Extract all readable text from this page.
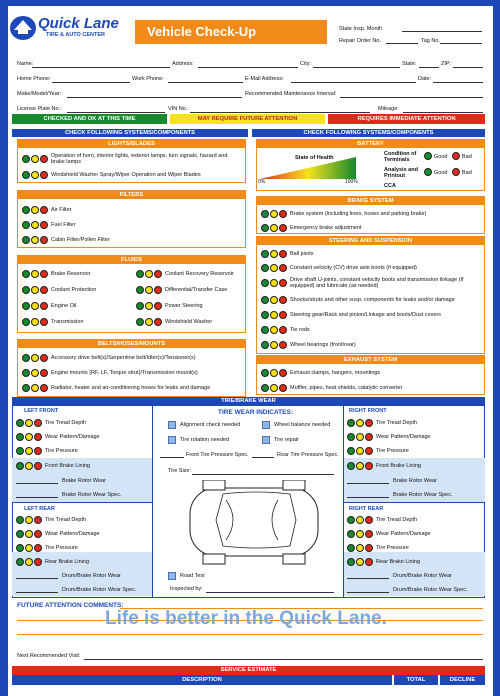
Quick Lane
TIRE & AUTO CENTER	Vehicle Check-Up	State Insp. Month
Repair Order No.	Tag No.
Name:	Address:	City:	State:	ZIP:
Home Phone:	Work Phone:	E-Mail Address:	Date:
Make/Model/Year:	Recommended Maintenance Interval:
License Plate No.:	VIN No.:	Mileage:
CHECKED AND OK AT THIS TIME	MAY REQUIRE FUTURE ATTENTION	REQUIRES IMMEDIATE ATTENTION
CHECK FOLLOWING SYSTEMS/COMPONENTS	CHECK FOLLOWING SYSTEMS/COMPONENTS
LIGHTS/BLADES
Operation of horn, interior lights, exterior lamps, turn signals, hazard and brake lamps
Windshield Washer Spray/Wiper Operation and Wiper Blades
FILTERS
Air Filter
Fuel Filter
Cabin Filter/Pollen Filter
FLUIDS
Brake Reservoir
Coolant Protection
Engine Oil
Transmission
Coolant Recovery Reservoir
Differential/Transfer Case
Power Steering
Windshield Washer
BELTS/HOSES/MOUNTS
Accessory drive belt(s)/Serpentine belt/Idler(s)/Tensioner(s)
Engine mounts (RF, LF, Torque strut)/Transmission mount(s)
Radiator, heater and air-conditioning hoses for leaks and damage
BATTERY
State of Health
0%	100%
Condition of Terminals	Good	Bad
Analysis and Printout	Good	Bad
CCA
BRAKE SYSTEM
Brake system (including lines, hoses and parking brake)
Emergency brake adjustment
STEERING AND SUSPENSION
Ball joints
Constant velocity (CV) drive axle boots (if equipped)
Drive shaft U-joints, constant velocity boots and transmission linkage (if equipped) and lubricate (as needed)
Shocks/struts and other susp. components for leaks and/or damage
Steering gear/Rack and pinion/Linkage and boots/Dust covers
Tie rods
Wheel bearings (front/rear)
EXHAUST SYSTEM
Exhaust clamps, hangers, mountings
Muffler, pipes, heat shields, catalytic converter
TIRE/BRAKE WEAR
LEFT FRONT
Tire Tread Depth
Wear Pattern/Damage
Tire Pressure
Front Brake Lining
Brake Rotor Wear
Brake Rotor Wear Spec.
LEFT REAR
Tire Tread Depth
Wear Pattern/Damage
Tire Pressure
Rear Brake Lining
Drum/Brake Rotor Wear
Drum/Brake Rotor Wear Spec.
RIGHT FRONT
Tire Tread Depth
Wear Pattern/Damage
Tire Pressure
Front Brake Lining
Brake Rotor Wear
Brake Rotor Wear Spec.
RIGHT REAR
Tire Tread Depth
Wear Pattern/Damage
Tire Pressure
Rear Brake Lining
Drum/Brake Rotor Wear
Drum/Brake Rotor Wear Spec.
TIRE WEAR INDICATES:
Alignment check needed	Wheel balance needed
Tire rotation needed	Tire repair
Front Tire Pressure Spec.	Rear Tire Pressure Spec.
Tire Size:
Road Test
Inspected by:
FUTURE ATTENTION COMMENTS:
Life is better in the Quick Lane.
Next Recommended Visit:
SERVICE ESTIMATE
DESCRIPTION	TOTAL	DECLINE
